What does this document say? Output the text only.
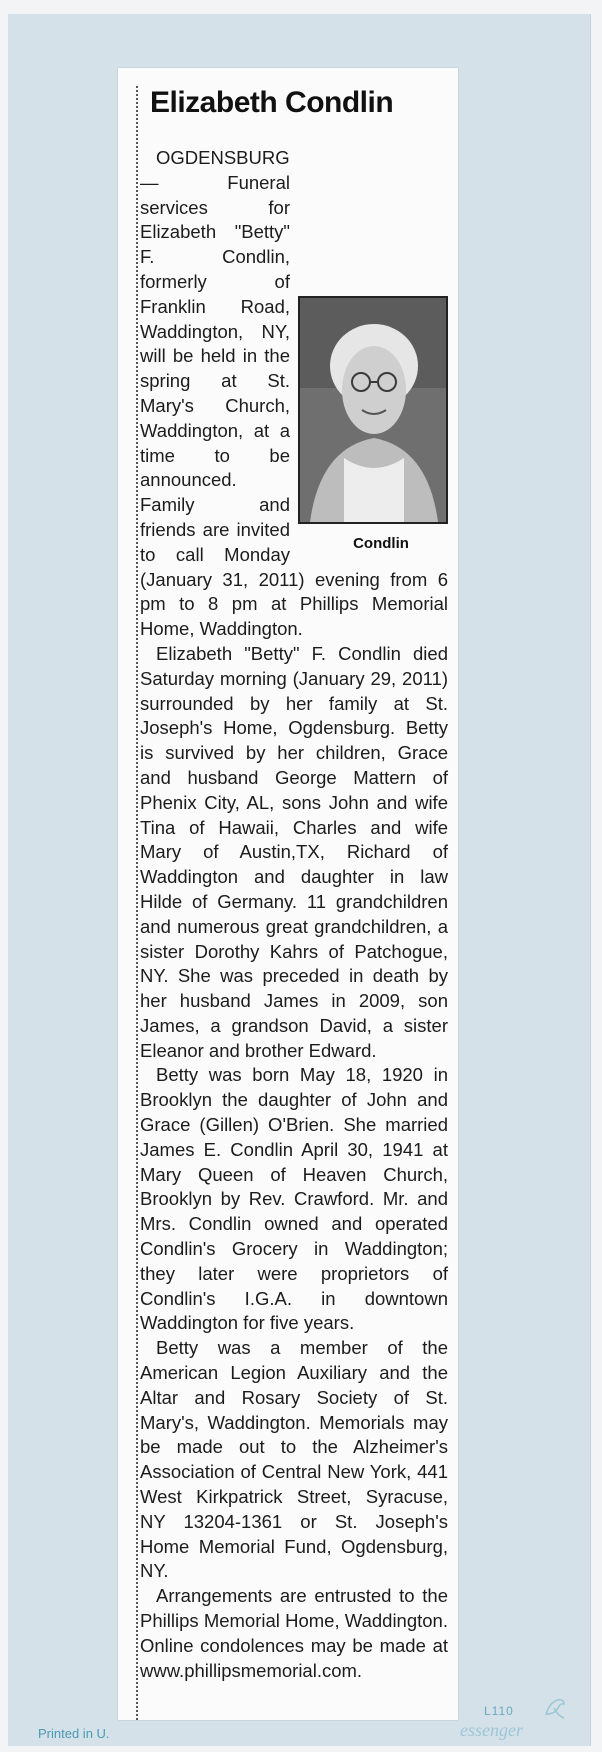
Elizabeth Condlin

Condlin
OGDENSBURG — Funeral services for Elizabeth "Betty" F. Condlin, formerly of Franklin Road, Waddington, NY, will be held in the spring at St. Mary's Church, Waddington, at a time to be announced. Family and friends are invited to call Monday (January 31, 2011) evening from 6 pm to 8 pm at Phillips Memorial Home, Waddington.

Elizabeth "Betty" F. Condlin died Saturday morning (January 29, 2011) surrounded by her family at St. Joseph's Home, Ogdensburg. Betty is survived by her children, Grace and husband George Mattern of Phenix City, AL, sons John and wife Tina of Hawaii, Charles and wife Mary of Austin,TX, Richard of Waddington and daughter in law Hilde of Germany. 11 grandchildren and numerous great grandchildren, a sister Dorothy Kahrs of Patchogue, NY. She was preceded in death by her husband James in 2009, son James, a grandson David, a sister Eleanor and brother Edward.

Betty was born May 18, 1920 in Brooklyn the daughter of John and Grace (Gillen) O'Brien. She married James E. Condlin April 30, 1941 at Mary Queen of Heaven Church, Brooklyn by Rev. Crawford. Mr. and Mrs. Condlin owned and operated Condlin's Grocery in Waddington; they later were proprietors of Condlin's I.G.A. in downtown Waddington for five years.

Betty was a member of the American Legion Auxiliary and the Altar and Rosary Society of St. Mary's, Waddington. Memorials may be made out to the Alzheimer's Association of Central New York, 441 West Kirkpatrick Street, Syracuse, NY 13204-1361 or St. Joseph's Home Memorial Fund, Ogdensburg, NY.

Arrangements are entrusted to the Phillips Memorial Home, Waddington. Online condolences may be made at www.phillipsmemorial.com.

Printed in U.
L110
essenger
